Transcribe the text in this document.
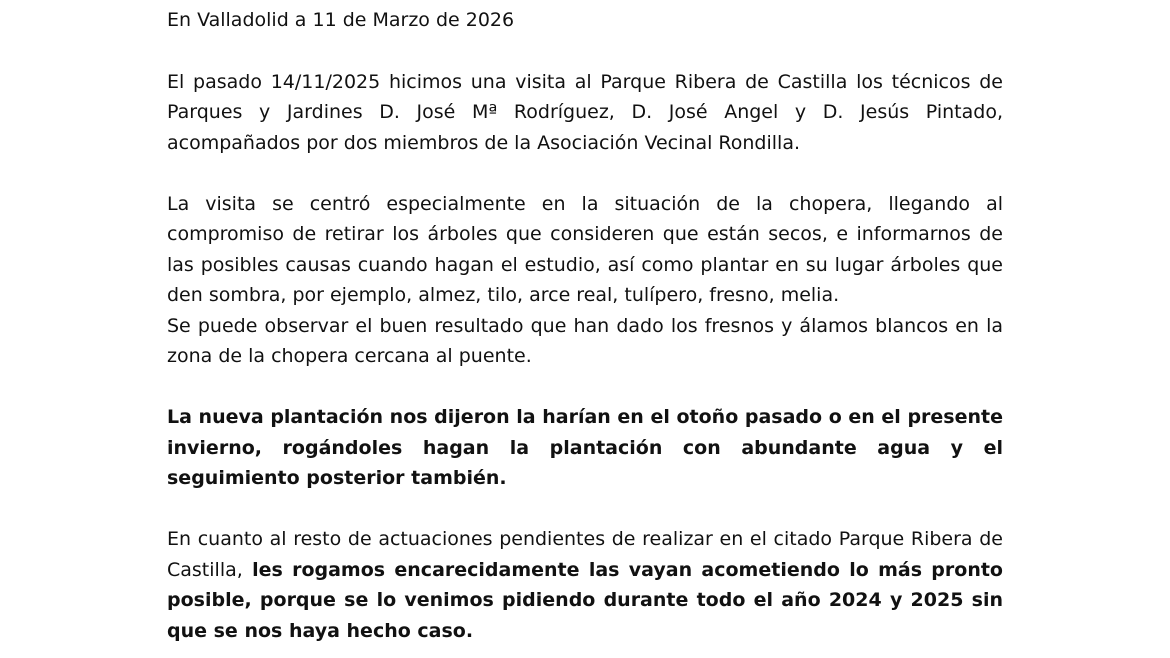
En Valladolid a 11 de Marzo de 2026

El pasado 14/11/2025 hicimos una visita al Parque Ribera de Castilla los técnicos de Parques y Jardines D. José Mª Rodríguez, D. José Angel y D. Jesús Pintado, acompañados por dos miembros de la Asociación Vecinal Rondilla.

La visita se centró especialmente en la situación de la chopera, llegando al compromiso de retirar los árboles que consideren que están secos, e informarnos de las posibles causas cuando hagan el estudio, así como plantar en su lugar árboles que den sombra, por ejemplo, almez, tilo, arce real, tulípero, fresno, melia.

Se puede observar el buen resultado que han dado los fresnos y álamos blancos en la zona de la chopera cercana al puente.

La nueva plantación nos dijeron la harían en el otoño pasado o en el presente invierno, rogándoles hagan la plantación con abundante agua y el seguimiento posterior también.

En cuanto al resto de actuaciones pendientes de realizar en el citado Parque Ribera de Castilla, les rogamos encarecidamente las vayan acometiendo lo más pronto posible, porque se lo venimos pidiendo durante todo el año 2024 y 2025 sin que se nos haya hecho caso.
